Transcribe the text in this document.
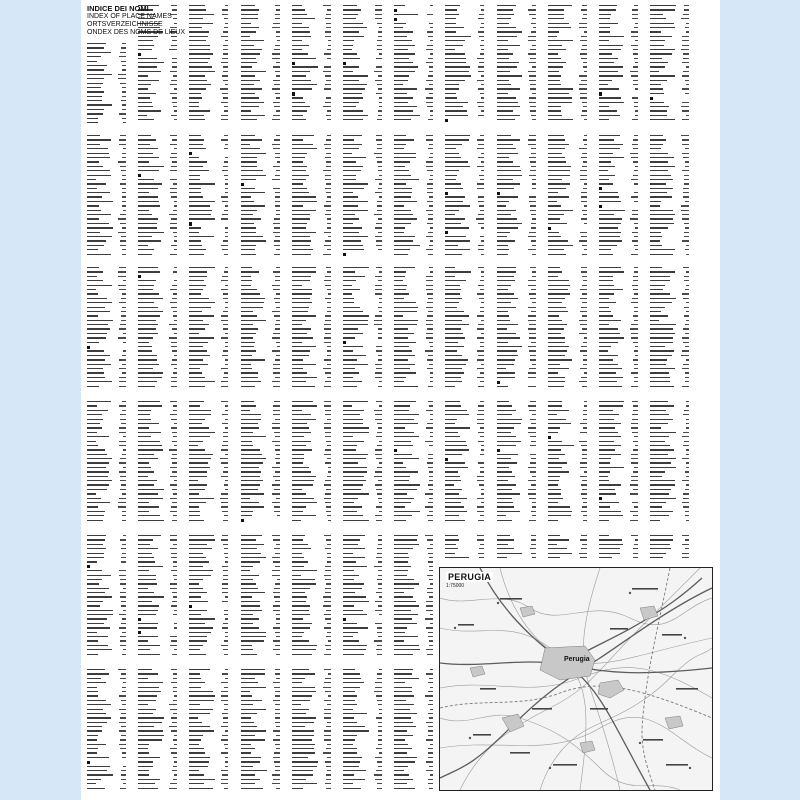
INDICE DEI NOMI
INDEX OF PLACE NAMES
ORTSVERZEICHNISSE
ONDEX DES NOMS DE LIEUX
PERUGIA
1:75000
Perugia
